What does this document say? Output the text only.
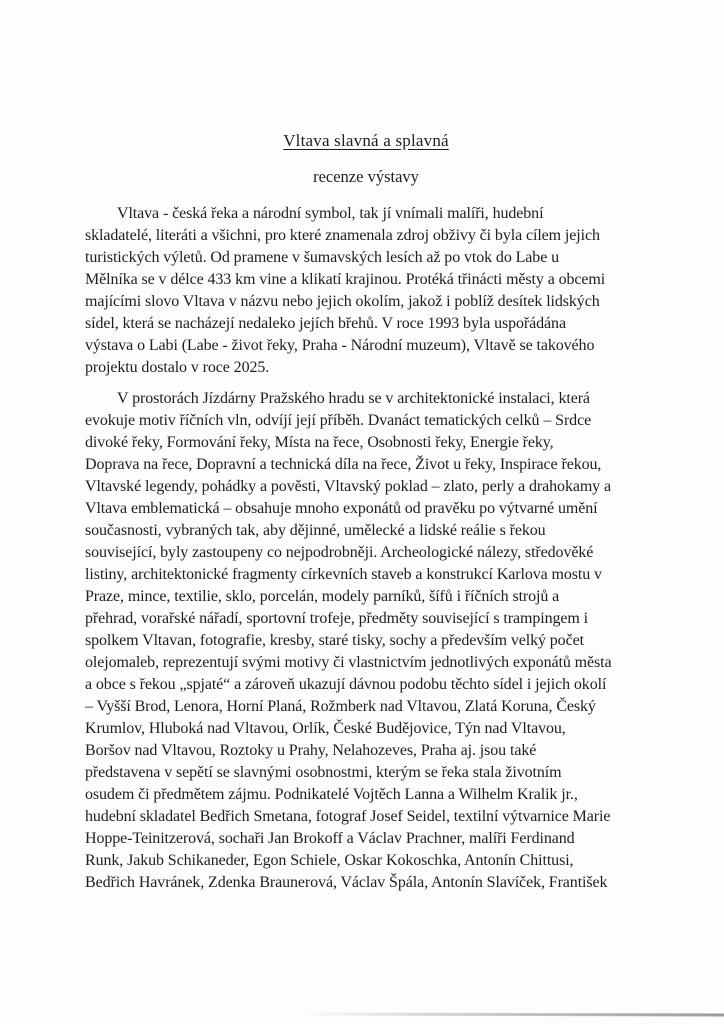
Vltava slavná a splavná
recenze výstavy
Vltava - česká řeka a národní symbol, tak jí vnímali malíři, hudební
skladatelé, literáti a všichni, pro které znamenala zdroj obživy či byla cílem jejich
turistických výletů. Od pramene v šumavských lesích až po vtok do Labe u
Mělníka se v délce 433 km vine a klikatí krajinou. Protéká třinácti městy a obcemi
majícími slovo Vltava v názvu nebo jejich okolím, jakož i poblíž desítek lidských
sídel, která se nacházejí nedaleko jejích břehů. V roce 1993 byla uspořádána
výstava o Labi (Labe - život řeky, Praha - Národní muzeum), Vltavě se takového
projektu dostalo v roce 2025.
V prostorách Jízdárny Pražského hradu se v architektonické instalaci, která
evokuje motiv říčních vln, odvíjí její příběh. Dvanáct tematických celků – Srdce
divoké řeky, Formování řeky, Místa na řece, Osobnosti řeky, Energie řeky,
Doprava na řece, Dopravní a technická díla na řece, Život u řeky, Inspirace řekou,
Vltavské legendy, pohádky a pověsti, Vltavský poklad – zlato, perly a drahokamy a
Vltava emblematická – obsahuje mnoho exponátů od pravěku po výtvarné umění
současnosti, vybraných tak, aby dějinné, umělecké a lidské reálie s řekou
související, byly zastoupeny co nejpodrobněji. Archeologické nálezy, středověké
listiny, architektonické fragmenty církevních staveb a konstrukcí Karlova mostu v
Praze, mince, textilie, sklo, porcelán, modely parníků, šífů i říčních strojů a
přehrad, vorařské nářadí, sportovní trofeje, předměty související s trampingem i
spolkem Vltavan, fotografie, kresby, staré tisky, sochy a především velký počet
olejomaleb, reprezentují svými motivy či vlastnictvím jednotlivých exponátů města
a obce s řekou „spjaté“ a zároveň ukazují dávnou podobu těchto sídel i jejich okolí
– Vyšší Brod, Lenora, Horní Planá, Rožmberk nad Vltavou, Zlatá Koruna, Český
Krumlov, Hluboká nad Vltavou, Orlík, České Budějovice, Týn nad Vltavou,
Boršov nad Vltavou, Roztoky u Prahy, Nelahozeves, Praha aj. jsou také
představena v sepětí se slavnými osobnostmi, kterým se řeka stala životním
osudem či předmětem zájmu. Podnikatelé Vojtěch Lanna a Wilhelm Kralik jr.,
hudební skladatel Bedřich Smetana, fotograf Josef Seidel, textilní výtvarnice Marie
Hoppe-Teinitzerová, sochaři Jan Brokoff a Václav Prachner, malíři Ferdinand
Runk, Jakub Schikaneder, Egon Schiele, Oskar Kokoschka, Antonín Chittusi,
Bedřich Havránek, Zdenka Braunerová, Václav Špála, Antonín Slavíček, František
